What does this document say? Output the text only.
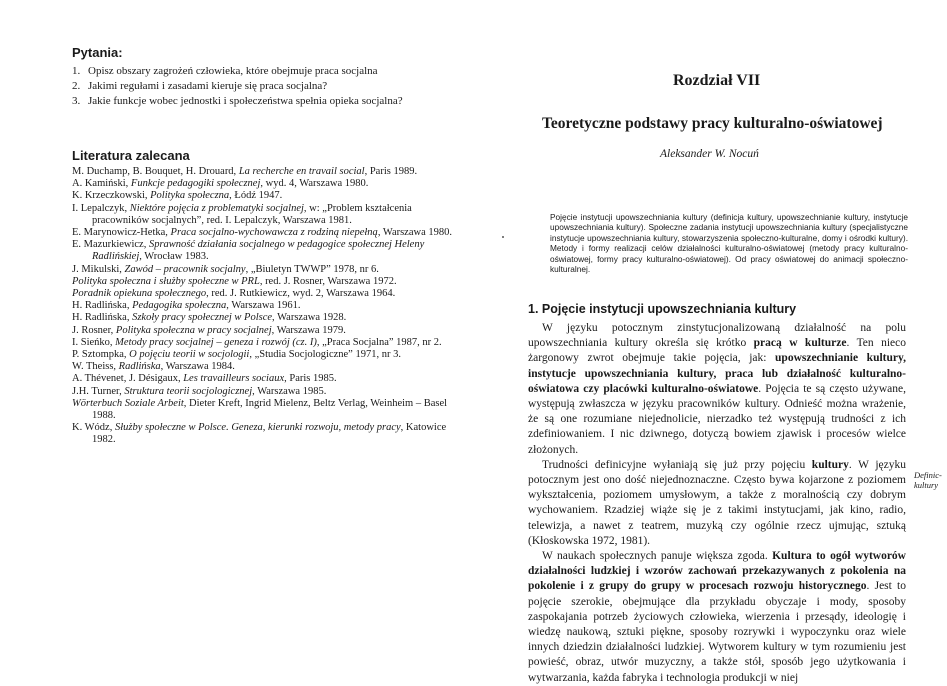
Pytania:
1. Opisz obszary zagrożeń człowieka, które obejmuje praca socjalna
2. Jakimi regułami i zasadami kieruje się praca socjalna?
3. Jakie funkcje wobec jednostki i społeczeństwa spełnia opieka socjalna?
Literatura zalecana
M. Duchamp, B. Bouquet, H. Drouard, La recherche en travail social, Paris 1989.
A. Kamiński, Funkcje pedagogiki społecznej, wyd. 4, Warszawa 1980.
K. Krzeczkowski, Polityka społeczna, Łódź 1947.
I. Lepalczyk, Niektóre pojęcia z problematyki socjalnej, w: „Problem kształcenia pracowników socjalnych”, red. I. Lepalczyk, Warszawa 1981.
E. Marynowicz-Hetka, Praca socjalno-wychowawcza z rodziną niepełną, Warszawa 1980.
E. Mazurkiewicz, Sprawność działania socjalnego w pedagogice społecznej Heleny Radlińskiej, Wrocław 1983.
J. Mikulski, Zawód – pracownik socjalny, „Biuletyn TWWP” 1978, nr 6.
Polityka społeczna i służby społeczne w PRL, red. J. Rosner, Warszawa 1972.
Poradnik opiekuna społecznego, red. J. Rutkiewicz, wyd. 2, Warszawa 1964.
H. Radlińska, Pedagogika społeczna, Warszawa 1961.
H. Radlińska, Szkoły pracy społecznej w Polsce, Warszawa 1928.
J. Rosner, Polityka społeczna w pracy socjalnej, Warszawa 1979.
I. Sieńko, Metody pracy socjalnej – geneza i rozwój (cz. I), „Praca Socjalna” 1987, nr 2.
P. Sztompka, O pojęciu teorii w socjologii, „Studia Socjologiczne” 1971, nr 3.
W. Theiss, Radlińska, Warszawa 1984.
A. Thévenet, J. Désigaux, Les travailleurs sociaux, Paris 1985.
J.H. Turner, Struktura teorii socjologicznej, Warszawa 1985.
Wörterbuch Soziale Arbeit, Dieter Kreft, Ingrid Mielenz, Beltz Verlag, Weinheim – Basel 1988.
K. Wódz, Służby społeczne w Polsce. Geneza, kierunki rozwoju, metody pracy, Katowice 1982.
Rozdział VII
Teoretyczne podstawy pracy kulturalno-oświatowej
Aleksander W. Nocuń
Pojęcie instytucji upowszechniania kultury (definicja kultury, upowszechnianie kultury, instytucje upowszechniania kultury). Społeczne zadania instytucji upowszechniania kultury (specjalistyczne instytucje upowszechniania kultury, stowarzyszenia społeczno-kulturalne, domy i ośrodki kultury). Metody i formy realizacji celów działalności kulturalno-oświatowej (metody pracy kulturalno-oświatowej, formy pracy kulturalno-oświatowej). Od pracy oświatowej do animacji społeczno-kulturalnej.
1. Pojęcie instytucji upowszechniania kultury

W języku potocznym zinstytucjonalizowaną działalność na polu upowszechniania kultury określa się krótko pracą w kulturze. Ten nieco żargonowy zwrot obejmuje takie pojęcia, jak: upowszechnianie kultury, instytucje upowszechniania kultury, praca lub działalność kulturalno-oświatowa czy placówki kulturalno-oświatowe. Pojęcia te są często używane, występują zwłaszcza w języku pracowników kultury. Odnieść można wrażenie, że są one rozumiane niejednolicie, nierzadko też występują trudności z ich zdefiniowaniem. I nic dziwnego, dotyczą bowiem zjawisk i procesów wielce złożonych.

Trudności definicyjne wyłaniają się już przy pojęciu kultury. W języku potocznym jest ono dość niejednoznaczne. Często bywa kojarzone z poziomem wykształcenia, poziomem umysłowym, a także z moralnością czy dobrym wychowaniem. Rzadziej wiąże się je z takimi instytucjami, jak kino, radio, telewizja, a nawet z teatrem, muzyką czy ogólnie rzecz ujmując, sztuką (Kłoskowska 1972, 1981).

W naukach społecznych panuje większa zgoda. Kultura to ogół wytworów działalności ludzkiej i wzorów zachowań przekazywanych z pokolenia na pokolenie i z grupy do grupy w procesach rozwoju historycznego. Jest to pojęcie szerokie, obejmujące dla przykładu obyczaje i mody, sposoby zaspokajania potrzeb życiowych człowieka, wierzenia i przesądy, ideologię i wiedzę naukową, sztuki piękne, sposoby rozrywki i wypoczynku oraz wiele innych dziedzin działalności ludzkiej. Wytworem kultury w tym rozumieniu jest powieść, obraz, utwór muzyczny, a także stół, sposób jego użytkowania i wytwarzania, każda fabryka i technologia produkcji w niej

Definic-
kultury
